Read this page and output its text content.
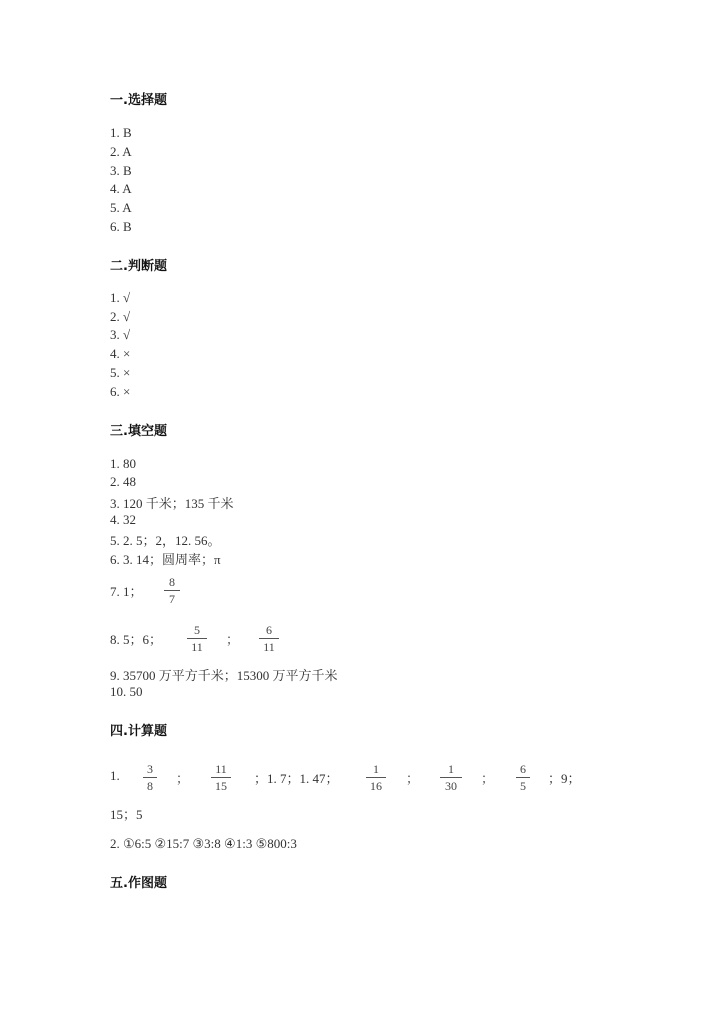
一.选择题
1. B
2. A
3. B
4. A
5. A
6. B
二.判断题
1. √
2. √
3. √
4. ×
5. ×
6. ×
三.填空题
1. 80
2. 48
3. 120 千米；135 千米
4. 32
5. 2. 5；2，12. 56。
6. 3. 14；圆周率；π
7. 1；
8
7
8. 5；6；
5
11 ；
6
11
9. 35700 万平方千米；15300 万平方千米
10. 50
四.计算题
1. 3
8 ；
11
15 ；1. 7；1. 47；
1
16 ；
1
30 ；
6
5 ；9；
15；5
2. ①6:5 ②15:7 ③3:8 ④1:3 ⑤800:3
五.作图题
